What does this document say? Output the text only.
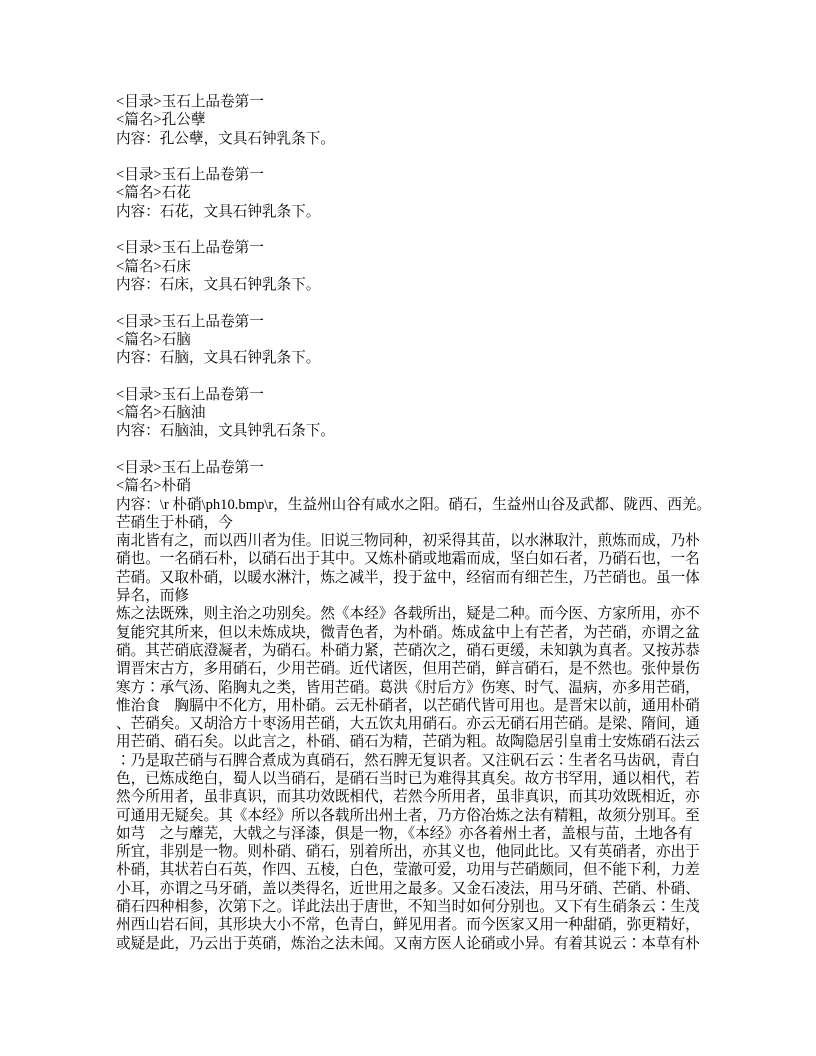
<目录>玉石上品卷第一
<篇名>孔公孽
内容：孔公孽，文具石钟乳条下。
<目录>玉石上品卷第一
<篇名>石花
内容：石花，文具石钟乳条下。
<目录>玉石上品卷第一
<篇名>石床
内容：石床，文具石钟乳条下。
<目录>玉石上品卷第一
<篇名>石脑
内容：石脑，文具石钟乳条下。
<目录>玉石上品卷第一
<篇名>石脑油
内容：石脑油，文具钟乳石条下。
<目录>玉石上品卷第一
<篇名>朴硝
内容：\r 朴硝\ph10.bmp\r，生益州山谷有咸水之阳。硝石，生益州山谷及武都、陇西、西羌。
芒硝生于朴硝，今
南北皆有之，而以西川者为佳。旧说三物同种，初采得其苗，以水淋取汁，煎炼而成，乃朴
硝也。一名硝石朴，以硝石出于其中。又炼朴硝或地霜而成，坚白如石者，乃硝石也，一名
芒硝。又取朴硝，以暖水淋汁，炼之减半，投于盆中，经宿而有细芒生，乃芒硝也。虽一体
异名，而修
炼之法既殊，则主治之功别矣。然《本经》各载所出，疑是二种。而今医、方家所用，亦不
复能究其所来，但以未炼成块，微青色者，为朴硝。炼成盆中上有芒者，为芒硝，亦谓之盆
硝。其芒硝底澄凝者，为硝石。朴硝力紧，芒硝次之，硝石更缓，未知孰为真者。又按苏恭
谓晋宋古方，多用硝石，少用芒硝。近代诸医，但用芒硝，鲜言硝石，是不然也。张仲景伤
寒方∶承气汤、陷胸丸之类，皆用芒硝。葛洪《肘后方》伤寒、时气、温病，亦多用芒硝，
惟治食　胸膈中不化方，用朴硝。云无朴硝者，以芒硝代皆可用也。是晋宋以前，通用朴硝
、芒硝矣。又胡洽方十枣汤用芒硝，大五饮丸用硝石。亦云无硝石用芒硝。是梁、隋间，通
用芒硝、硝石矣。以此言之，朴硝、硝石为精，芒硝为粗。故陶隐居引皇甫士安炼硝石法云
∶乃是取芒硝与石脾合煮成为真硝石，然石脾无复识者。又注矾石云∶生者名马齿矾，青白
色，已炼成绝白，蜀人以当硝石，是硝石当时已为难得其真矣。故方书罕用，通以相代，若
然今所用者，虽非真识，而其功效既相代，若然今所用者，虽非真识，而其功效既相近，亦
可通用无疑矣。其《本经》所以各载所出州土者，乃方俗冶炼之法有精粗，故须分别耳。至
如芎　之与蘼芜，大戟之与泽漆，俱是一物，《本经》亦各着州土者，盖根与苗，土地各有
所宜，非别是一物。则朴硝、硝石，别着所出，亦其义也，他同此比。又有英硝者，亦出于
朴硝，其状若白石英，作四、五棱，白色，莹澈可爱，功用与芒硝颇同，但不能下利，力差
小耳，亦谓之马牙硝，盖以类得名，近世用之最多。又金石凌法，用马牙硝、芒硝、朴硝、
硝石四种相参，次第下之。详此法出于唐世，不知当时如何分别也。又下有生硝条云∶生茂
州西山岩石间，其形块大小不常，色青白，鲜见用者。而今医家又用一种甜硝，弥更精好，
或疑是此，乃云出于英硝，炼治之法未闻。又南方医人论硝或小异。有着其说云∶本草有朴
